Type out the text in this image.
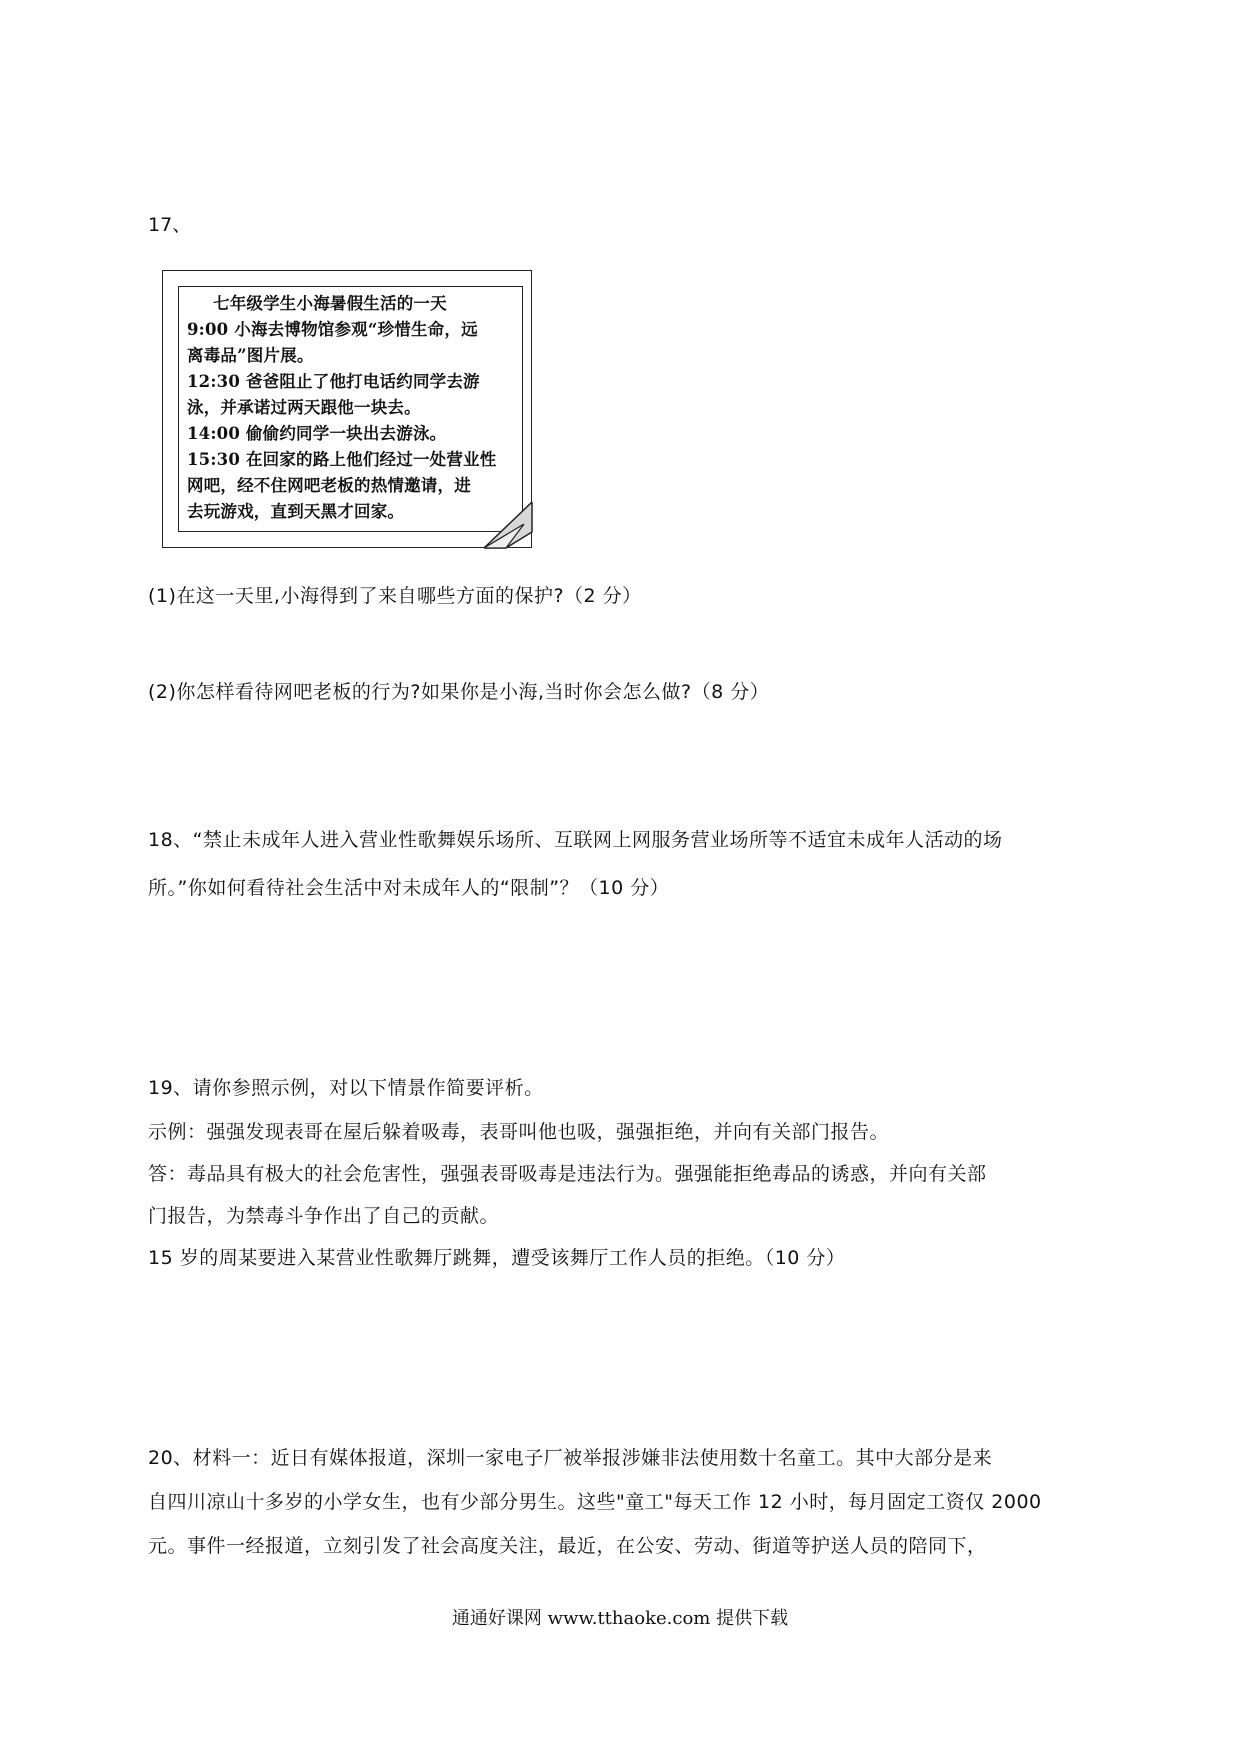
17、
七年级学生小海暑假生活的一天
9:00 小海去博物馆参观“珍惜生命，远
离毒品”图片展。
12:30 爸爸阻止了他打电话约同学去游
泳，并承诺过两天跟他一块去。
14:00 偷偷约同学一块出去游泳。
15:30 在回家的路上他们经过一处营业性
网吧，经不住网吧老板的热情邀请，进
去玩游戏，直到天黑才回家。
(1)在这一天里,小海得到了来自哪些方面的保护?（2 分）
(2)你怎样看待网吧老板的行为?如果你是小海,当时你会怎么做?（8 分）
18、“禁止未成年人进入营业性歌舞娱乐场所、互联网上网服务营业场所等不适宜未成年人活动的场
所。”你如何看待社会生活中对未成年人的“限制”？（10 分）
19、请你参照示例，对以下情景作简要评析。
示例：强强发现表哥在屋后躲着吸毒，表哥叫他也吸，强强拒绝，并向有关部门报告。
答：毒品具有极大的社会危害性，强强表哥吸毒是违法行为。强强能拒绝毒品的诱惑，并向有关部
门报告，为禁毒斗争作出了自己的贡献。
15 岁的周某要进入某营业性歌舞厅跳舞，遭受该舞厅工作人员的拒绝。（10 分）
20、材料一：近日有媒体报道，深圳一家电子厂被举报涉嫌非法使用数十名童工。其中大部分是来
自四川凉山十多岁的小学女生，也有少部分男生。这些"童工"每天工作 12 小时，每月固定工资仅 2000
元。事件一经报道，立刻引发了社会高度关注，最近，在公安、劳动、街道等护送人员的陪同下，
通通好课网 www.tthaoke.com 提供下载
